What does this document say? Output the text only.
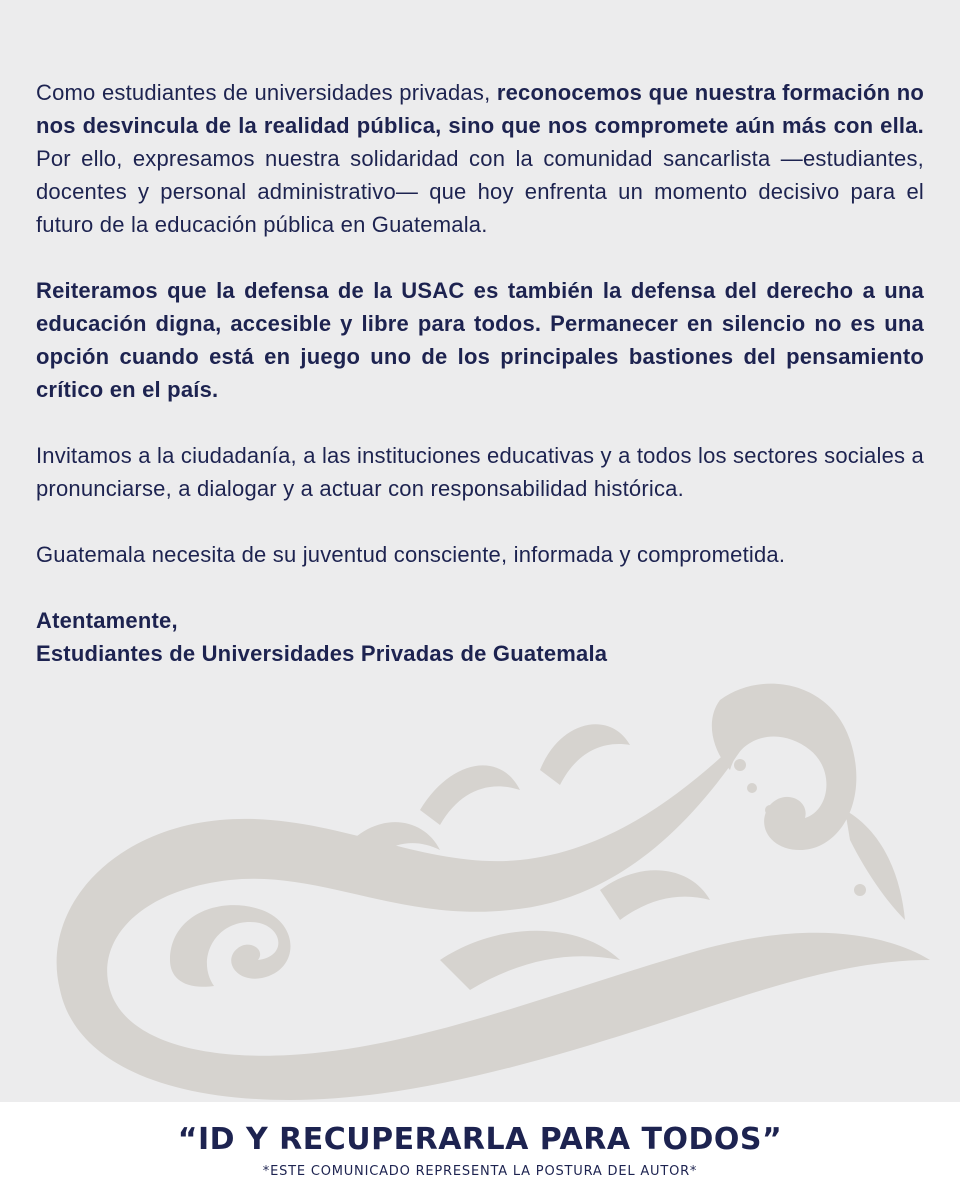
Como estudiantes de universidades privadas, reconocemos que nuestra formación no nos desvincula de la realidad pública, sino que nos compromete aún más con ella. Por ello, expresamos nuestra solidaridad con la comunidad sancarlista —estudiantes, docentes y personal administrativo— que hoy enfrenta un momento decisivo para el futuro de la educación pública en Guatemala.

Reiteramos que la defensa de la USAC es también la defensa del derecho a una educación digna, accesible y libre para todos. Permanecer en silencio no es una opción cuando está en juego uno de los principales bastiones del pensamiento crítico en el país.

Invitamos a la ciudadanía, a las instituciones educativas y a todos los sectores sociales a pronunciarse, a dialogar y a actuar con responsabilidad histórica.

Guatemala necesita de su juventud consciente, informada y comprometida.

Atentamente,
Estudiantes de Universidades Privadas de Guatemala
“ID Y RECUPERARLA PARA TODOS”
*ESTE COMUNICADO REPRESENTA LA POSTURA DEL AUTOR*
